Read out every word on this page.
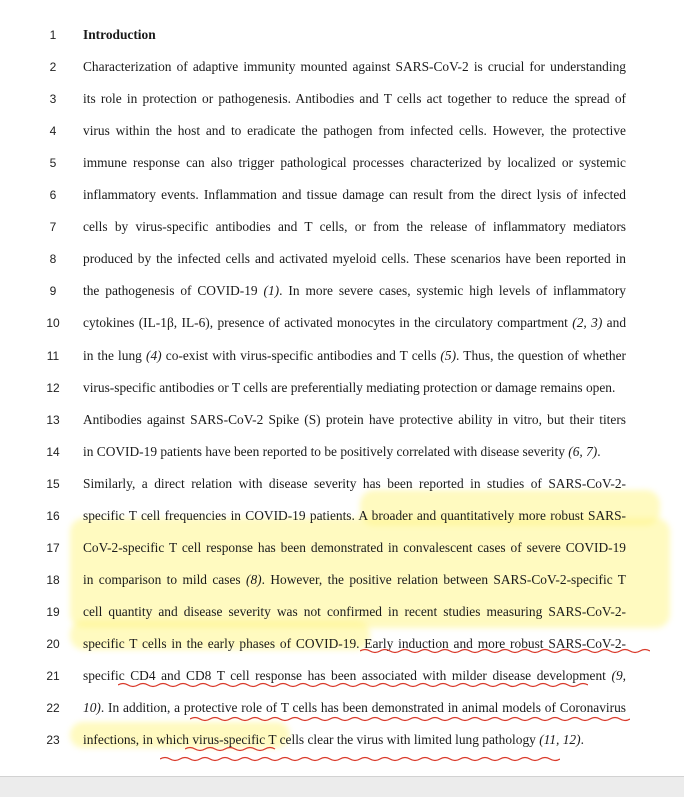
1	Introduction
2	Characterization of adaptive immunity mounted against SARS-CoV-2 is crucial for understanding
3	its role in protection or pathogenesis. Antibodies and T cells act together to reduce the spread of
4	virus within the host and to eradicate the pathogen from infected cells. However, the protective
5	immune response can also trigger pathological processes characterized by localized or systemic
6	inflammatory events. Inflammation and tissue damage can result from the direct lysis of infected
7	cells by virus-specific antibodies and T cells, or from the release of inflammatory mediators
8	produced by the infected cells and activated myeloid cells. These scenarios have been reported in
9	the pathogenesis of COVID-19 (1). In more severe cases, systemic high levels of inflammatory
10	cytokines (IL-1β, IL-6), presence of activated monocytes in the circulatory compartment (2, 3) and
11	in the lung (4) co-exist with virus-specific antibodies and T cells (5). Thus, the question of whether
12	virus-specific antibodies or T cells are preferentially mediating protection or damage remains open.
13	Antibodies against SARS-CoV-2 Spike (S) protein have protective ability in vitro, but their titers
14	in COVID-19 patients have been reported to be positively correlated with disease severity (6, 7).
15	Similarly, a direct relation with disease severity has been reported in studies of SARS-CoV-2-
16	specific T cell frequencies in COVID-19 patients. A broader and quantitatively more robust SARS-
17	CoV-2-specific T cell response has been demonstrated in convalescent cases of severe COVID-19
18	in comparison to mild cases (8). However, the positive relation between SARS-CoV-2-specific T
19	cell quantity and disease severity was not confirmed in recent studies measuring SARS-CoV-2-
20	specific T cells in the early phases of COVID-19. Early induction and more robust SARS-CoV-2-
21	specific CD4 and CD8 T cell response has been associated with milder disease development (9,
22	10). In addition, a protective role of T cells has been demonstrated in animal models of Coronavirus
23	infections, in which virus-specific T cells clear the virus with limited lung pathology (11, 12).
